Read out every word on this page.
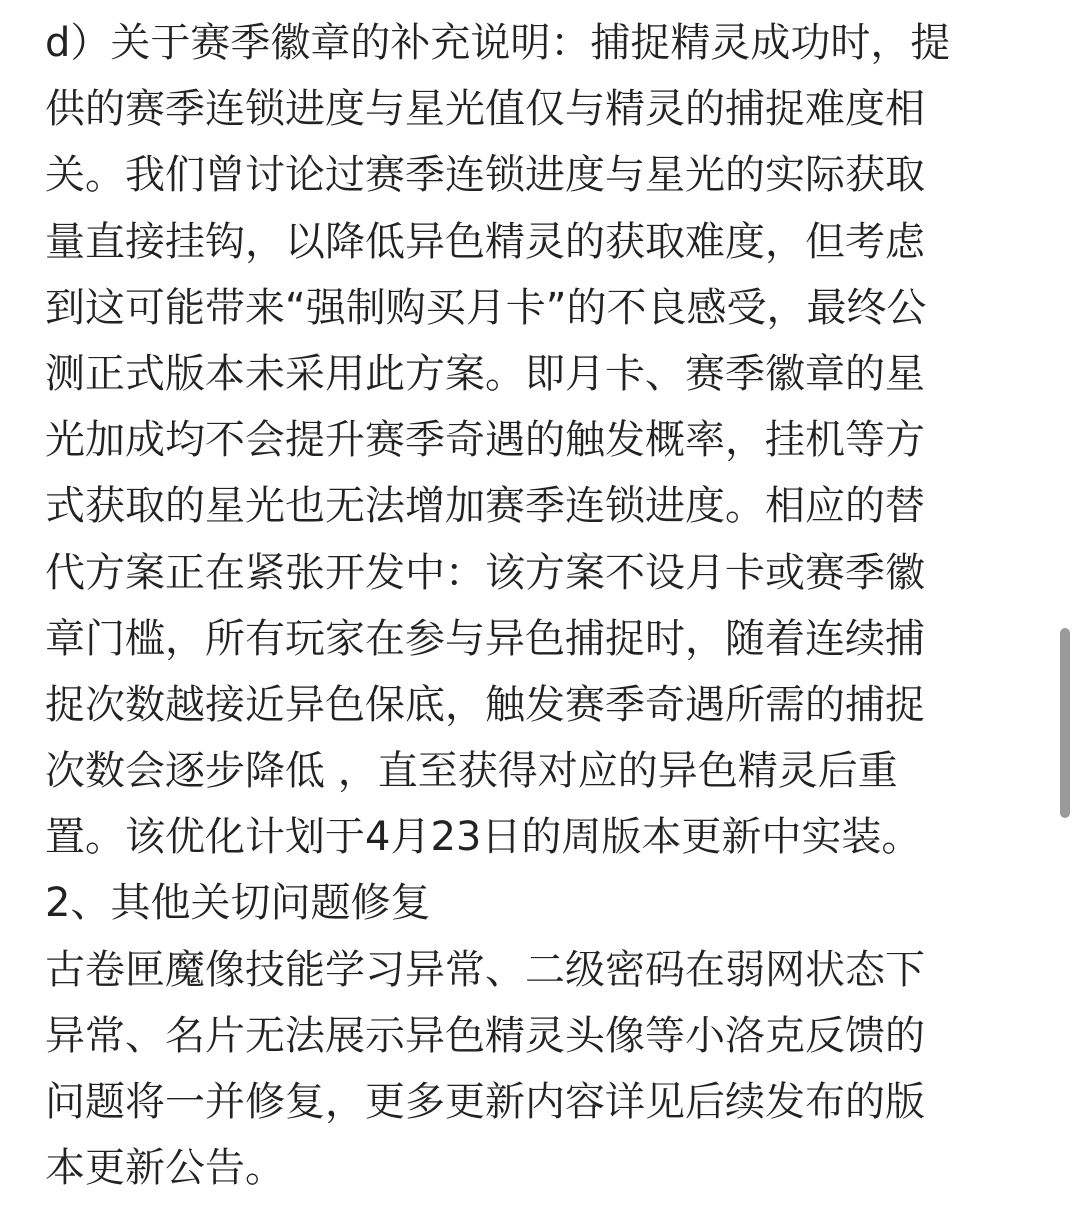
d）关于赛季徽章的补充说明：捕捉精灵成功时，提
供的赛季连锁进度与星光值仅与精灵的捕捉难度相
关。我们曾讨论过赛季连锁进度与星光的实际获取
量直接挂钩，以降低异色精灵的获取难度，但考虑
到这可能带来“强制购买月卡”的不良感受，最终公
测正式版本未采用此方案。即月卡、赛季徽章的星
光加成均不会提升赛季奇遇的触发概率，挂机等方
式获取的星光也无法增加赛季连锁进度。相应的替
代方案正在紧张开发中：该方案不设月卡或赛季徽
章门槛，所有玩家在参与异色捕捉时，随着连续捕
捉次数越接近异色保底，触发赛季奇遇所需的捕捉
次数会逐步降低 ，直至获得对应的异色精灵后重
置。该优化计划于4月23日的周版本更新中实装。
2、其他关切问题修复
古卷匣魔像技能学习异常、二级密码在弱网状态下
异常、名片无法展示异色精灵头像等小洛克反馈的
问题将一并修复，更多更新内容详见后续发布的版
本更新公告。
